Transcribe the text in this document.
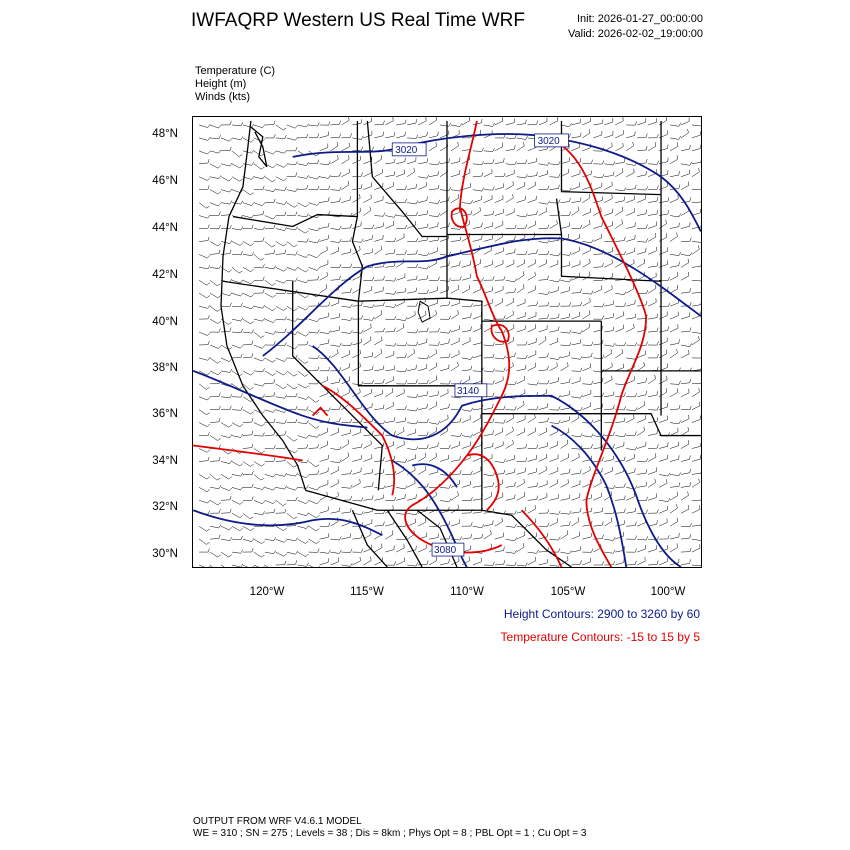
IWFAQRP Western US Real Time WRF	Init: 2026-01-27_00:00:00
Valid: 2026-02-02_19:00:00
Temperature (C)
Height (m)
Winds (kts)
3020
3020
3140
3080
48°N
46°N
44°N
42°N
40°N
38°N
36°N
34°N
32°N
30°N
120°W	115°W	110°W	105°W	100°W
Height Contours: 2900 to 3260 by 60
Temperature Contours: -15 to 15 by 5
OUTPUT FROM WRF V4.6.1 MODEL
WE = 310 ; SN = 275 ; Levels = 38 ; Dis = 8km ; Phys Opt = 8 ; PBL Opt = 1 ; Cu Opt = 3
